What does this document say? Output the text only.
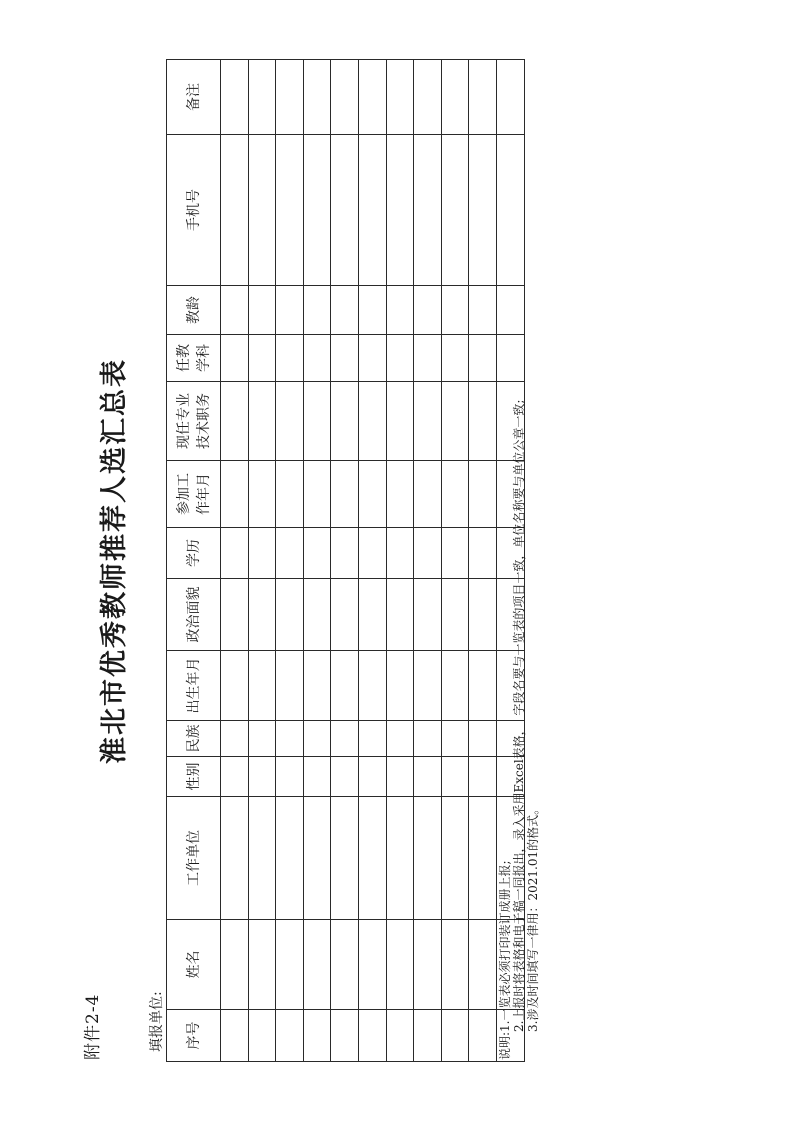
附件2-4
淮北市优秀教师推荐人选汇总表
填报单位: 序号	姓名	工作单位	性别	民族	出生年月	政治面貌	学历	参加工 作年月	现任专业 技术职务	任教 学科	教龄	手机号	备注

说明:
1.一览表必须打印装订成册上报; 2.上报时将表格和电子稿一同报出，录入采用Excel表格，  字段名要与一览表的项目一致，单位名称要与单位公章一致; 3.涉及时间填写一律用：2021.01的格式。
